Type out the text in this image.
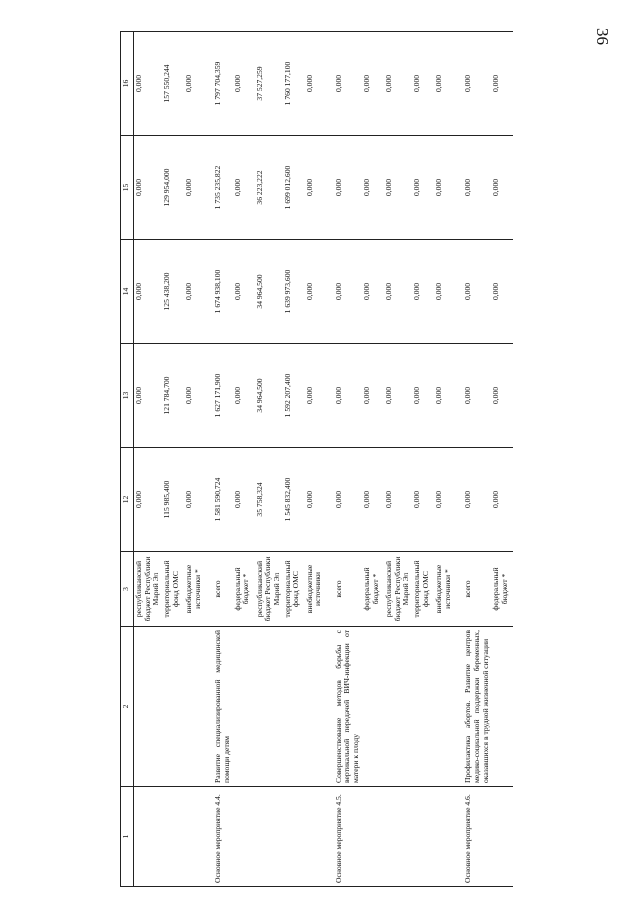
36
1	2	3	12	13	14	15	16
		республиканский бюджет Республики Марий Эл	0,000	0,000	0,000	0,000	0,000
		территориальный фонд ОМС	115 985,400	121 784,700	125 438,200	129 954,000	157 550,244
		внебюджетные источники *	0,000	0,000	0,000	0,000	0,000
Основное мероприятие 4.4.	Развитие специализированной медицинской помощи детям	всего	1 581 590,724	1 627 171,900	1 674 938,100	1 735 235,822	1 797 704,359
		федеральный бюджет *	0,000	0,000	0,000	0,000	0,000
		республиканский бюджет Республики Марий Эл	35 758,324	34 964,500	34 964,500	36 223,222	37 527,259
		территориальный фонд ОМС	1 545 832,400	1 592 207,400	1 639 973,600	1 699 012,600	1 760 177,100
		внебюджетные источники	0,000	0,000	0,000	0,000	0,000
Основное мероприятие 4.5.	Совершенствование методов борьбы с вертикальной передачей ВИЧ-инфекции от матери к плоду	всего	0,000	0,000	0,000	0,000	0,000
		федеральный бюджет *	0,000	0,000	0,000	0,000	0,000
		республиканский бюджет Республики Марий Эл	0,000	0,000	0,000	0,000	0,000
		территориальный фонд ОМС	0,000	0,000	0,000	0,000	0,000
		внебюджетные источники *	0,000	0,000	0,000	0,000	0,000
Основное мероприятие 4.6.	Профилактика абортов. Развитие центров медико-социальной поддержки беременных, оказавшихся в трудной жизненной ситуации	всего	0,000	0,000	0,000	0,000	0,000
		федеральный бюджет *	0,000	0,000	0,000	0,000	0,000
